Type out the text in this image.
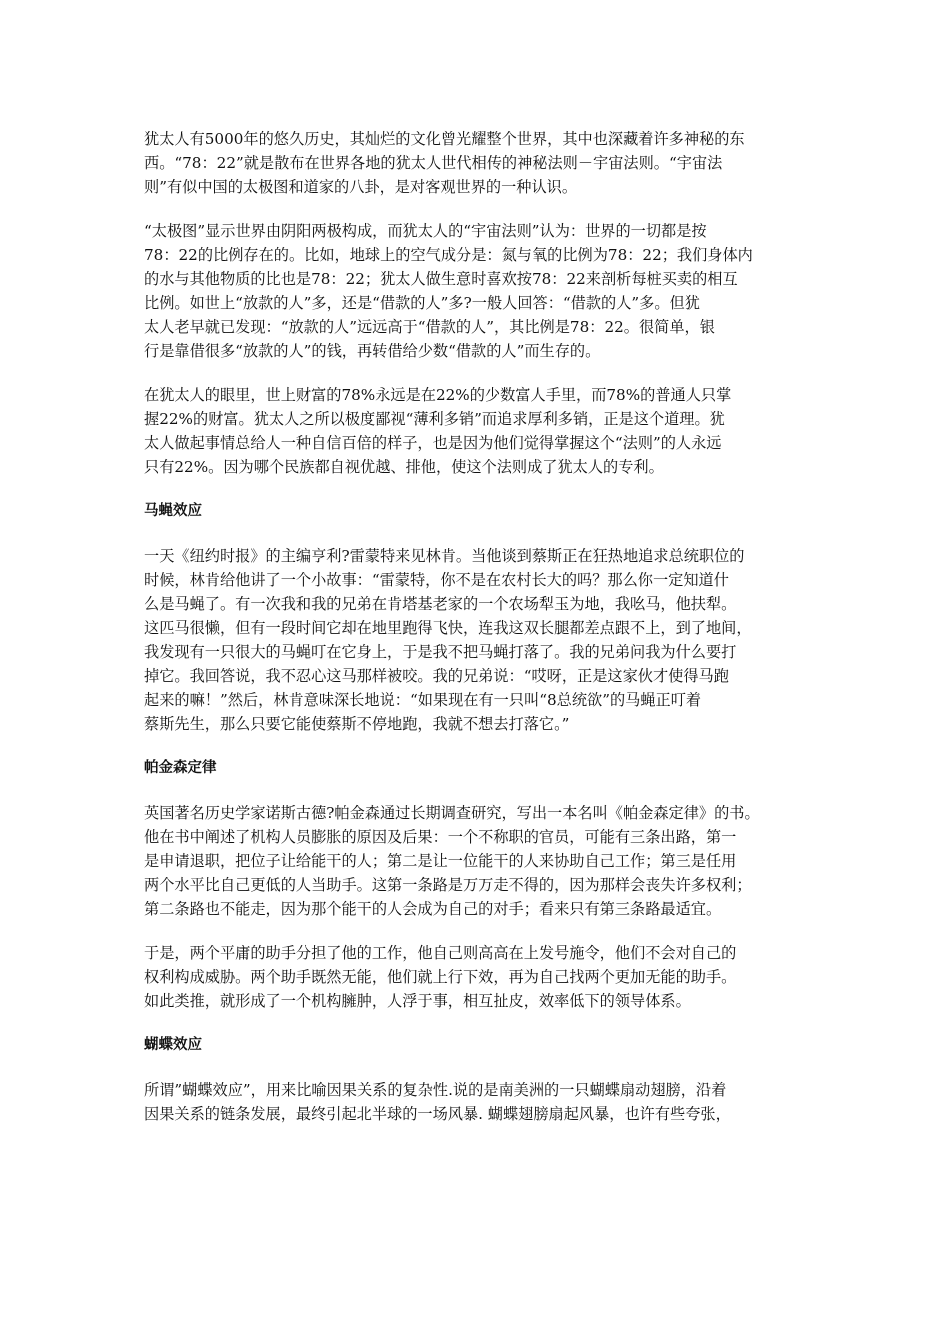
犹太人有5000年的悠久历史，其灿烂的文化曾光耀整个世界，其中也深藏着许多神秘的东
西。“78：22”就是散布在世界各地的犹太人世代相传的神秘法则－宇宙法则。“宇宙法
则”有似中国的太极图和道家的八卦，是对客观世界的一种认识。
“太极图”显示世界由阴阳两极构成，而犹太人的“宇宙法则”认为：世界的一切都是按
78：22的比例存在的。比如，地球上的空气成分是：氮与氧的比例为78：22；我们身体内
的水与其他物质的比也是78：22；犹太人做生意时喜欢按78：22来剖析每桩买卖的相互
比例。如世上“放款的人”多，还是“借款的人”多?一般人回答：“借款的人”多。但犹
太人老早就已发现：“放款的人”远远高于“借款的人”，其比例是78：22。很简单，银
行是靠借很多“放款的人”的钱，再转借给少数“借款的人”而生存的。
在犹太人的眼里，世上财富的78%永远是在22%的少数富人手里，而78%的普通人只掌
握22%的财富。犹太人之所以极度鄙视“薄利多销”而追求厚利多销，正是这个道理。犹
太人做起事情总给人一种自信百倍的样子，也是因为他们觉得掌握这个“法则”的人永远
只有22%。因为哪个民族都自视优越、排他，使这个法则成了犹太人的专利。
马蝇效应
一天《纽约时报》的主编亨利?雷蒙特来见林肯。当他谈到蔡斯正在狂热地追求总统职位的
时候，林肯给他讲了一个小故事：“雷蒙特，你不是在农村长大的吗？那么你一定知道什
么是马蝇了。有一次我和我的兄弟在肯塔基老家的一个农场犁玉为地，我吆马，他扶犁。
这匹马很懒，但有一段时间它却在地里跑得飞快，连我这双长腿都差点跟不上，到了地间，
我发现有一只很大的马蝇叮在它身上，于是我不把马蝇打落了。我的兄弟问我为什么要打
掉它。我回答说，我不忍心这马那样被咬。我的兄弟说：“哎呀，正是这家伙才使得马跑
起来的嘛！”然后，林肯意味深长地说：“如果现在有一只叫“8总统欲”的马蝇正叮着
蔡斯先生，那么只要它能使蔡斯不停地跑，我就不想去打落它。”
帕金森定律
英国著名历史学家诺斯古德?帕金森通过长期调查研究，写出一本名叫《帕金森定律》的书。
他在书中阐述了机构人员膨胀的原因及后果：一个不称职的官员，可能有三条出路，第一
是申请退职，把位子让给能干的人；第二是让一位能干的人来协助自己工作；第三是任用
两个水平比自己更低的人当助手。这第一条路是万万走不得的，因为那样会丧失许多权利；
第二条路也不能走，因为那个能干的人会成为自己的对手；看来只有第三条路最适宜。
于是，两个平庸的助手分担了他的工作，他自己则高高在上发号施令，他们不会对自己的
权利构成威胁。两个助手既然无能，他们就上行下效，再为自己找两个更加无能的助手。
如此类推，就形成了一个机构臃肿，人浮于事，相互扯皮，效率低下的领导体系。
蝴蝶效应
所谓”蝴蝶效应”，用来比喻因果关系的复杂性.说的是南美洲的一只蝴蝶扇动翅膀，沿着
因果关系的链条发展，最终引起北半球的一场风暴. 蝴蝶翅膀扇起风暴，也许有些夸张，
